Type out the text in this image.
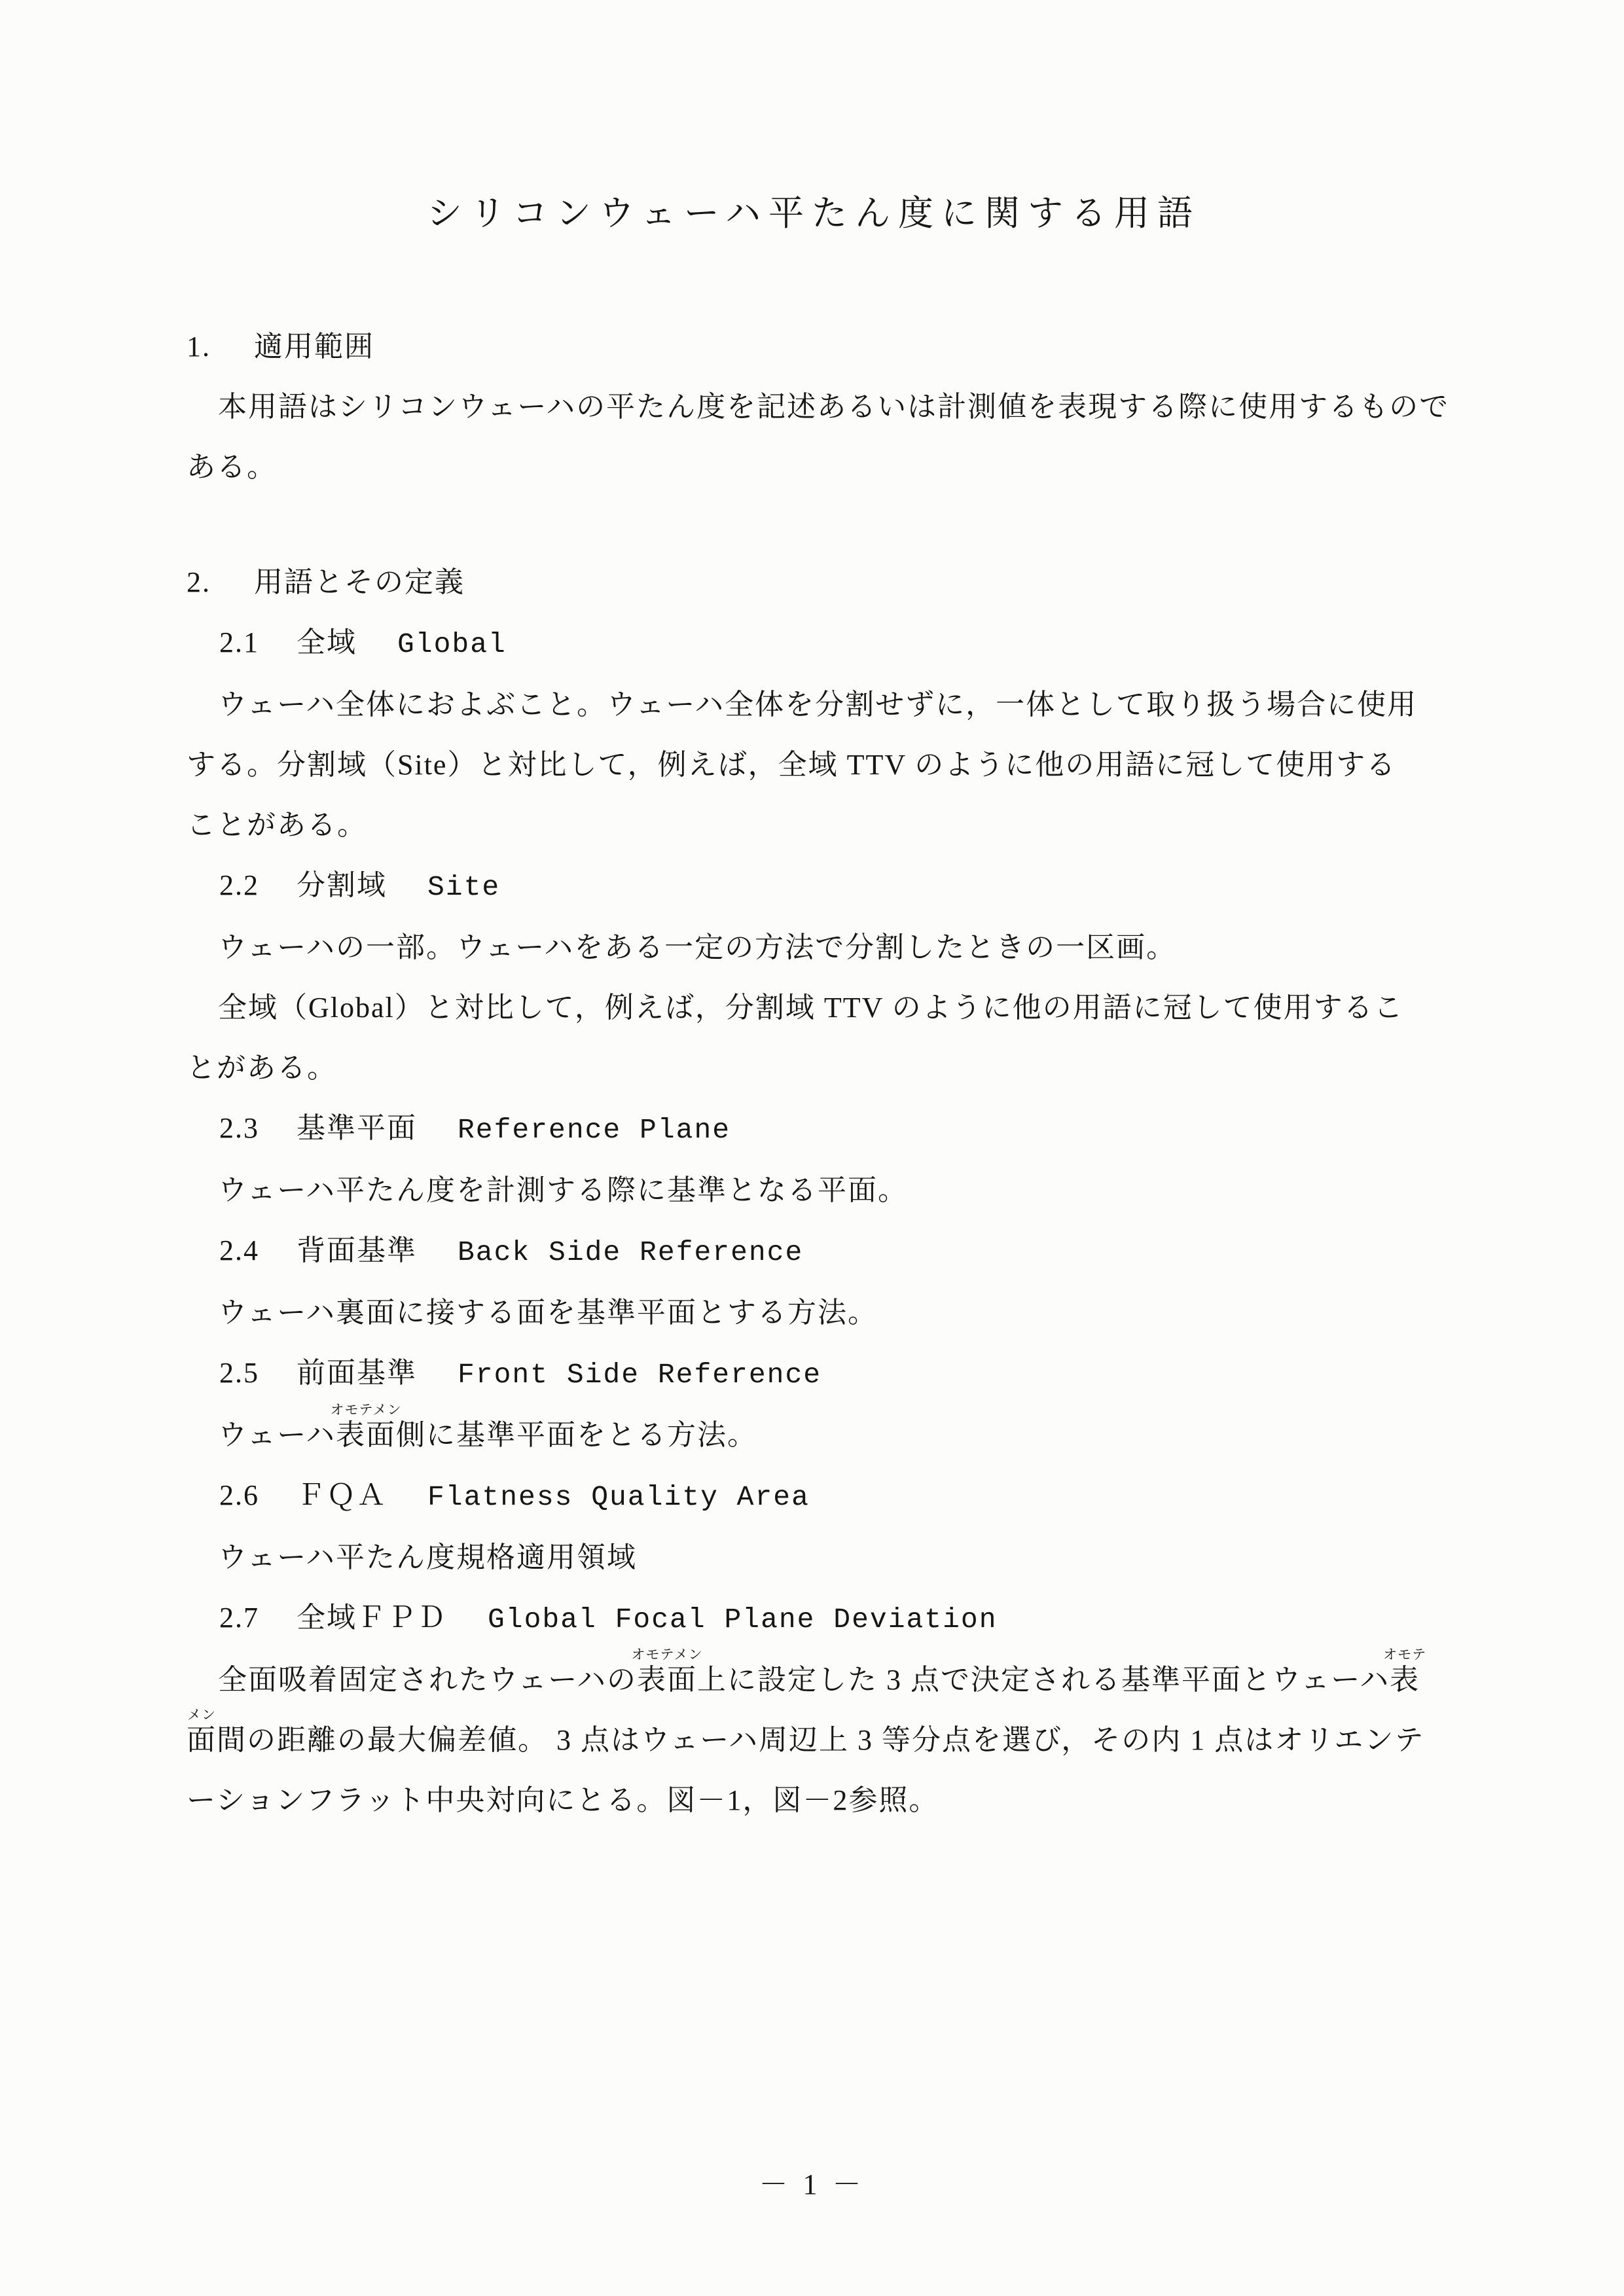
シリコンウェーハ平たん度に関する用語
1. 適用範囲
本用語はシリコンウェーハの平たん度を記述あるいは計測値を表現する際に使用するもので
ある。
2. 用語とその定義
2.1 全域 Global
ウェーハ全体におよぶこと。ウェーハ全体を分割せずに，一体として取り扱う場合に使用
する。分割域（Site）と対比して，例えば，全域 TTV のように他の用語に冠して使用する
ことがある。
2.2 分割域 Site
ウェーハの一部。ウェーハをある一定の方法で分割したときの一区画。
全域（Global）と対比して，例えば，分割域 TTV のように他の用語に冠して使用するこ
とがある。
2.3 基準平面 Reference Plane
ウェーハ平たん度を計測する際に基準となる平面。
2.4 背面基準 Back Side Reference
ウェーハ裏面に接する面を基準平面とする方法。
2.5 前面基準 Front Side Reference
ウェーハ
オモテメン
表面側に基準平面をとる方法。
2.6 ＦＱＡ Flatness Quality Area
ウェーハ平たん度規格適用領域
2.7 全域ＦＰＤ Global Focal Plane Deviation
全面吸着固定されたウェーハの
オモテメン
表面上に設定した 3 点で決定される基準平面とウェーハ
オモテ
表
メン
面間の距離の最大偏差値。 3 点はウェーハ周辺上 3 等分点を選び，その内 1 点はオリエンテ
ーションフラット中央対向にとる。図－1，図－2参照。
－ 1 －
